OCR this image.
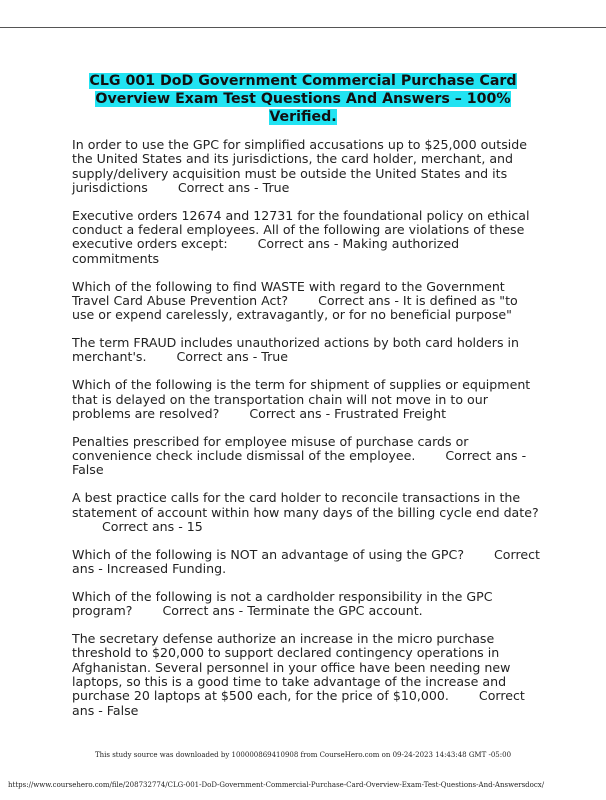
CLG 001 DoD Government Commercial Purchase Card Overview Exam Test Questions And Answers – 100% Verified.

In order to use the GPC for simplified accusations up to $25,000 outside the United States and its jurisdictions, the card holder, merchant, and supply/delivery acquisition must be outside the United States and its jurisdictions Correct ans - True

Executive orders 12674 and 12731 for the foundational policy on ethical conduct a federal employees. All of the following are violations of these executive orders except: Correct ans - Making authorized commitments

Which of the following to find WASTE with regard to the Government Travel Card Abuse Prevention Act? Correct ans - It is defined as "to use or expend carelessly, extravagantly, or for no beneficial purpose"

The term FRAUD includes unauthorized actions by both card holders in merchant's. Correct ans - True

Which of the following is the term for shipment of supplies or equipment that is delayed on the transportation chain will not move in to our problems are resolved? Correct ans - Frustrated Freight

Penalties prescribed for employee misuse of purchase cards or convenience check include dismissal of the employee. Correct ans - False

A best practice calls for the card holder to reconcile transactions in the statement of account within how many days of the billing cycle end date?Correct ans - 15

Which of the following is NOT an advantage of using the GPC? Correct ans - Increased Funding.

Which of the following is not a cardholder responsibility in the GPC program? Correct ans - Terminate the GPC account.

The secretary defense authorize an increase in the micro purchase threshold to $20,000 to support declared contingency operations in Afghanistan. Several personnel in your office have been needing new laptops, so this is a good time to take advantage of the increase and purchase 20 laptops at $500 each, for the price of $10,000. Correct ans - False

This study source was downloaded by 100000869410908 from CourseHero.com on 09-24-2023 14:43:48 GMT -05:00
https://www.coursehero.com/file/208732774/CLG-001-DoD-Government-Commercial-Purchase-Card-Overview-Exam-Test-Questions-And-Answersdocx/
